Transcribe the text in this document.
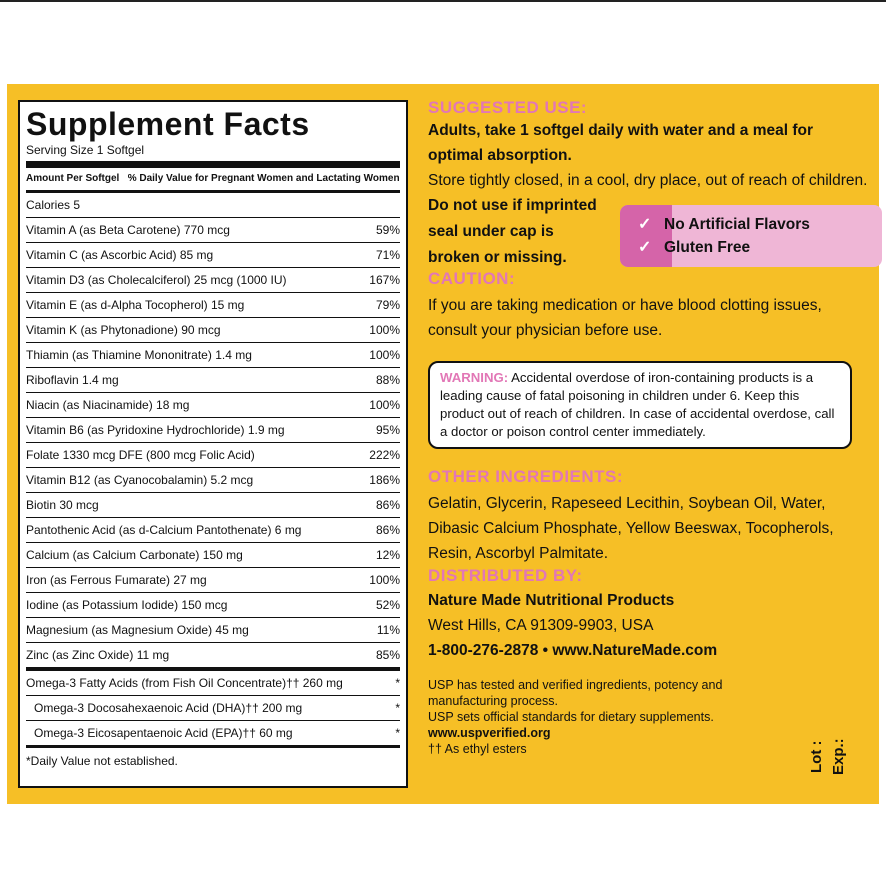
Supplement Facts
Serving Size 1 Softgel
Amount Per Softgel % Daily Value for Pregnant Women and Lactating Women
Calories 5
Vitamin A (as Beta Carotene) 770 mcg	59%
Vitamin C (as Ascorbic Acid) 85 mg	71%
Vitamin D3 (as Cholecalciferol) 25 mcg (1000 IU)	167%
Vitamin E (as d-Alpha Tocopherol) 15 mg	79%
Vitamin K (as Phytonadione) 90 mcg	100%
Thiamin (as Thiamine Mononitrate) 1.4 mg	100%
Riboflavin 1.4 mg	88%
Niacin (as Niacinamide) 18 mg	100%
Vitamin B6 (as Pyridoxine Hydrochloride) 1.9 mg	95%
Folate 1330 mcg DFE (800 mcg Folic Acid)	222%
Vitamin B12 (as Cyanocobalamin) 5.2 mcg	186%
Biotin 30 mcg	86%
Pantothenic Acid (as d-Calcium Pantothenate) 6 mg	86%
Calcium (as Calcium Carbonate) 150 mg	12%
Iron (as Ferrous Fumarate) 27 mg	100%
Iodine (as Potassium Iodide) 150 mcg	52%
Magnesium (as Magnesium Oxide) 45 mg	11%
Zinc (as Zinc Oxide) 11 mg	85%
Omega-3 Fatty Acids (from Fish Oil Concentrate)†† 260 mg	*
Omega-3 Docosahexaenoic Acid (DHA)†† 200 mg	*
Omega-3 Eicosapentaenoic Acid (EPA)†† 60 mg	*
*Daily Value not established.
SUGGESTED USE:
Adults, take 1 softgel daily with water and a meal for optimal absorption.
Store tightly closed, in a cool, dry place, out of reach of children.
Do not use if imprinted seal under cap is broken or missing.
✓ No Artificial Flavors
✓ Gluten Free
CAUTION:
If you are taking medication or have blood clotting issues, consult your physician before use.
WARNING: Accidental overdose of iron-containing products is a leading cause of fatal poisoning in children under 6. Keep this product out of reach of children. In case of accidental overdose, call a doctor or poison control center immediately.
OTHER INGREDIENTS:
Gelatin, Glycerin, Rapeseed Lecithin, Soybean Oil, Water, Dibasic Calcium Phosphate, Yellow Beeswax, Tocopherols, Resin, Ascorbyl Palmitate.
DISTRIBUTED BY:
Nature Made Nutritional Products
West Hills, CA 91309-9903, USA
1-800-276-2878 • www.NatureMade.com
USP has tested and verified ingredients, potency and manufacturing process.
USP sets official standards for dietary supplements.
www.uspverified.org
†† As ethyl esters	Lot : Exp.:
